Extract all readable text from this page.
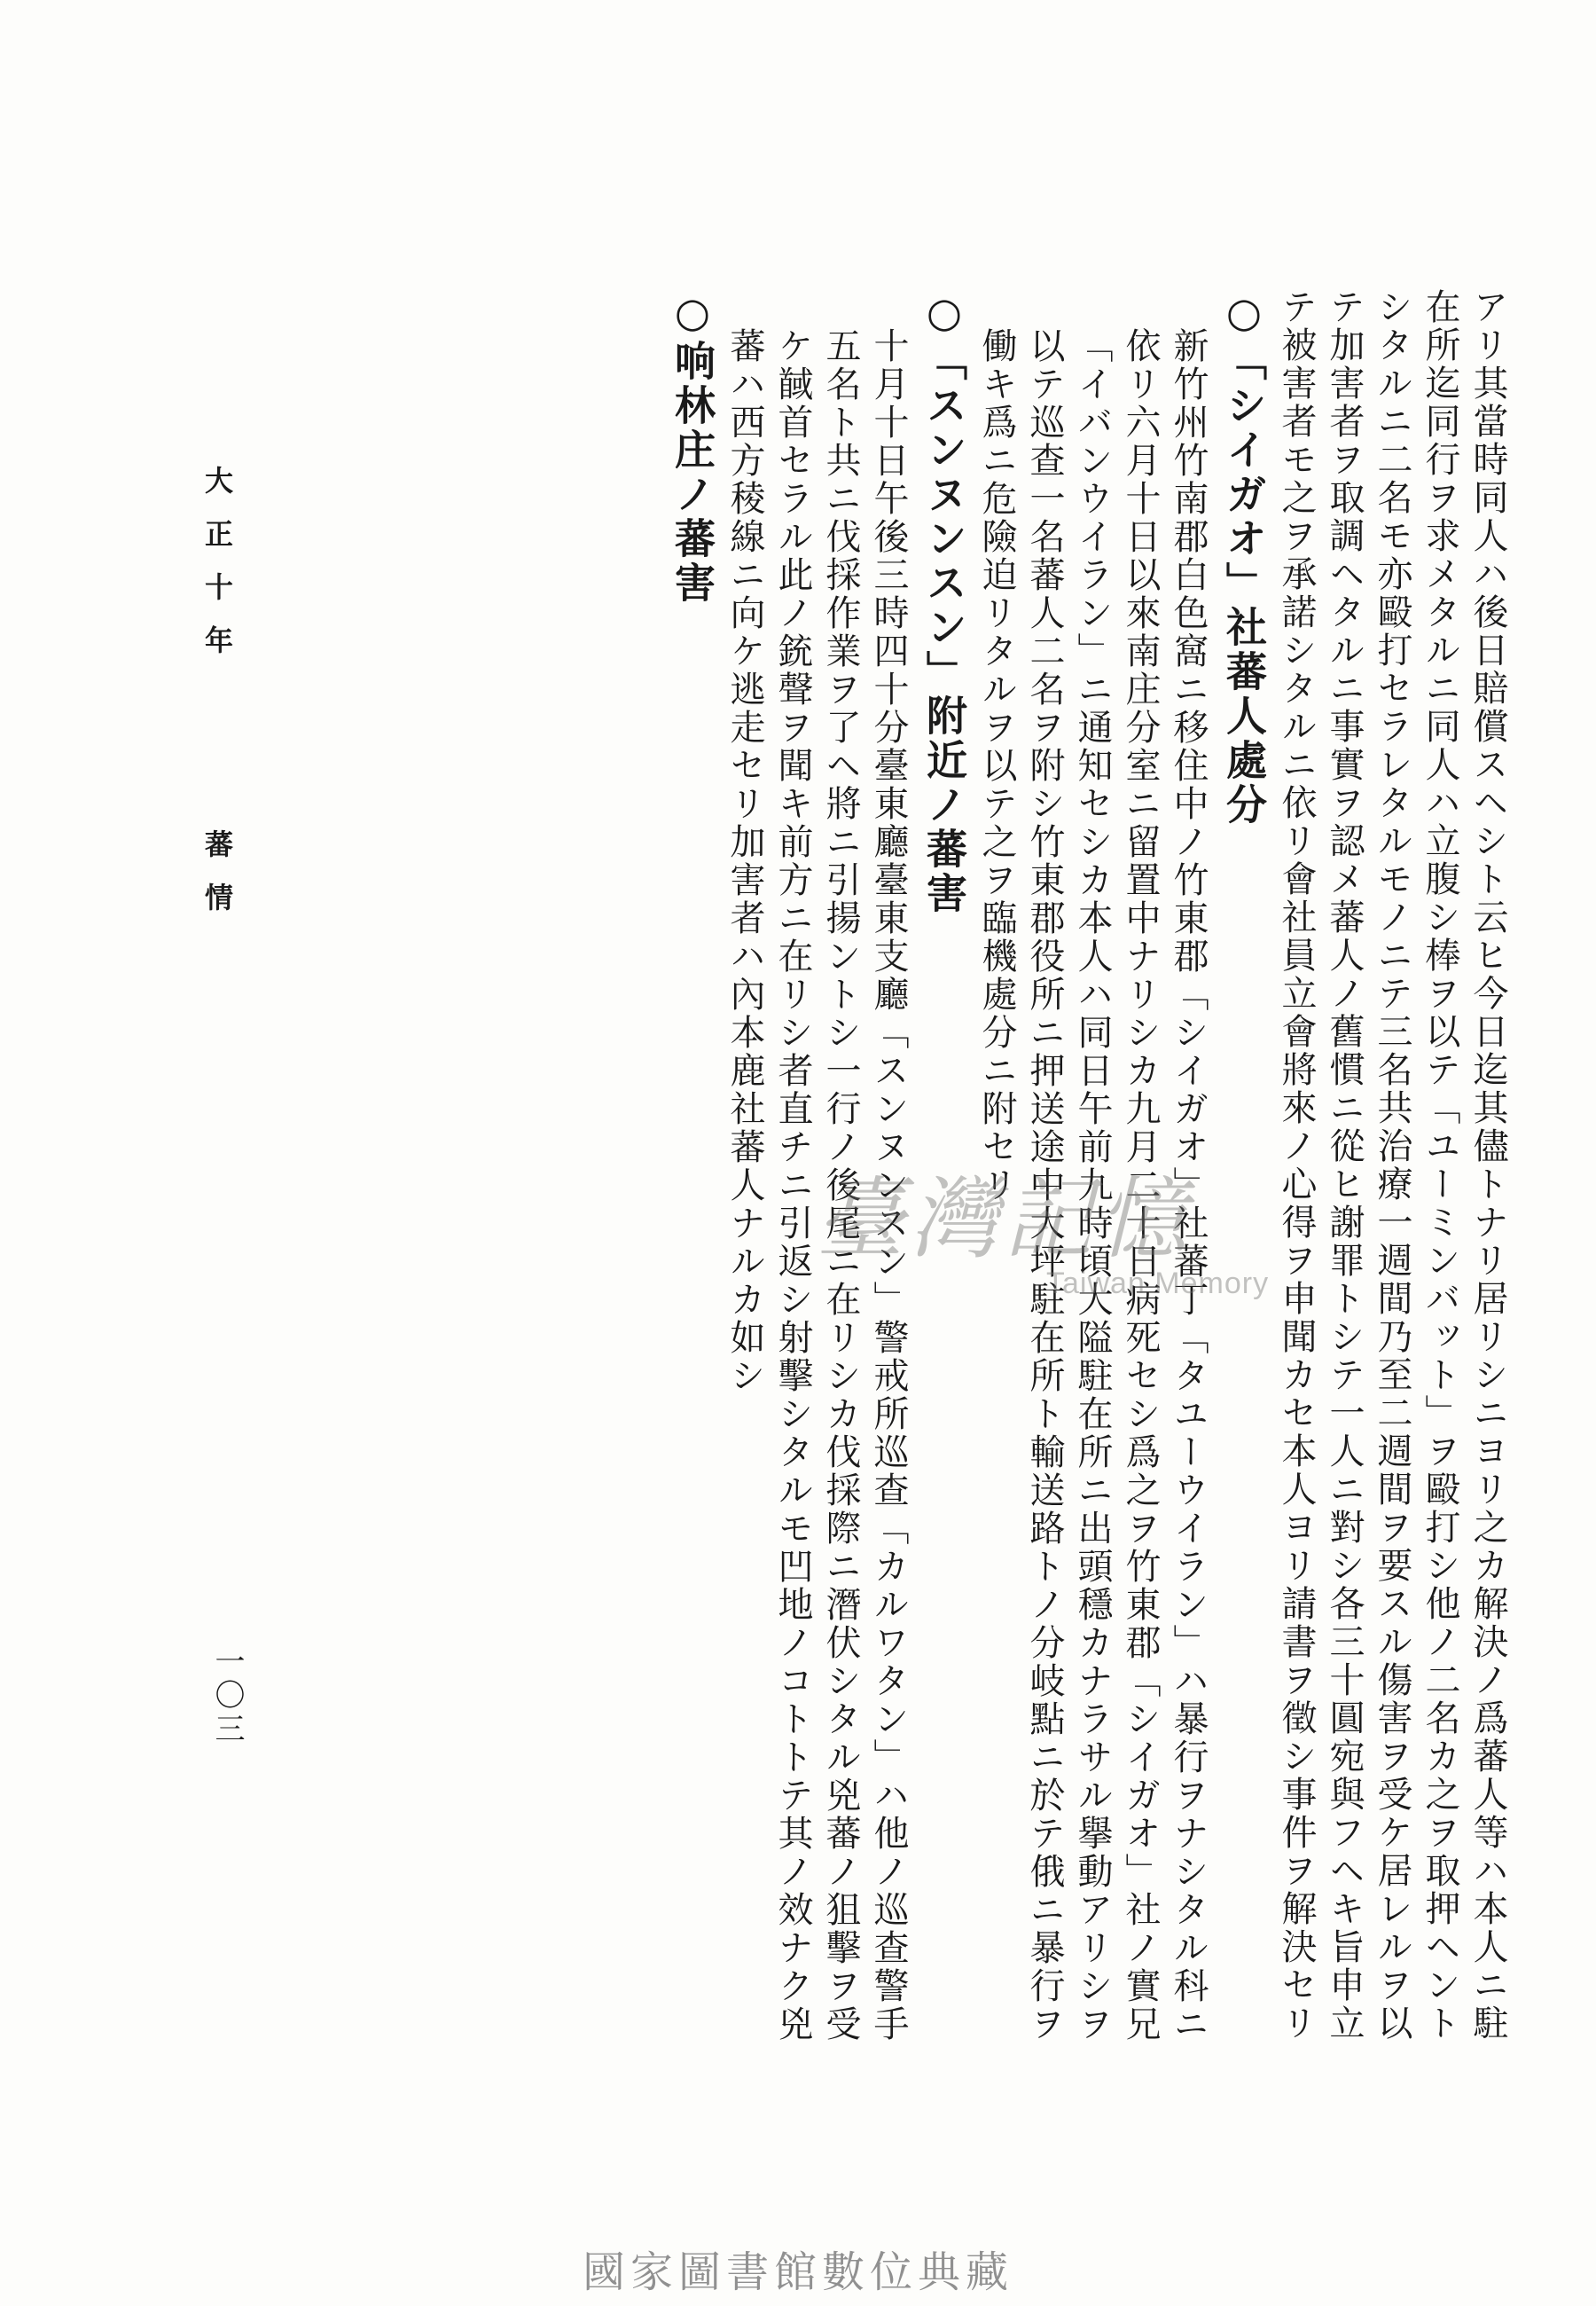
アリ其當時同人ハ後日賠償スヘシト云ヒ今日迄其儘トナリ居リシニヨリ之カ解決ノ爲蕃人等ハ本人ニ駐在所迄同行ヲ求メタルニ同人ハ立腹シ棒ヲ以テ「ユーミンバット」ヲ毆打シ他ノ二名カ之ヲ取押ヘントシタルニ二名モ亦毆打セラレタルモノニテ三名共治療一週間乃至二週間ヲ要スル傷害ヲ受ケ居レルヲ以テ加害者ヲ取調ヘタルニ事實ヲ認メ蕃人ノ舊慣ニ從ヒ謝罪トシテ一人ニ對シ各三十圓宛與フヘキ旨申立テ被害者モ之ヲ承諾シタルニ依リ會社員立會將來ノ心得ヲ申聞カセ本人ヨリ請書ヲ徵シ事件ヲ解決セリ

○「シイガオ」社蕃人處分

新竹州竹南郡白色窩ニ移住中ノ竹東郡「シイガオ」社蕃丁「タユーウイラン」ハ暴行ヲナシタル科ニ依リ六月十日以來南庄分室ニ留置中ナリシカ九月二十日病死セシ爲之ヲ竹東郡「シイガオ」社ノ實兄「イバンウイラン」ニ通知セシカ本人ハ同日午前九時頃大隘駐在所ニ出頭穩カナラサル擧動アリシヲ以テ巡查一名蕃人二名ヲ附シ竹東郡役所ニ押送途中大坪駐在所ト輸送路トノ分岐點ニ於テ俄ニ暴行ヲ働キ爲ニ危險迫リタルヲ以テ之ヲ臨機處分ニ附セリ

○「スンヌンスン」附近ノ蕃害

十月十日午後三時四十分臺東廳臺東支廳「スンヌンスン」警戒所巡查「カルワタン」ハ他ノ巡查警手五名ト共ニ伐採作業ヲ了ヘ將ニ引揚ントシ一行ノ後尾ニ在リシカ伐採際ニ潛伏シタル兇蕃ノ狙擊ヲ受ケ馘首セラル此ノ銃聲ヲ聞キ前方ニ在リシ者直チニ引返シ射擊シタルモ凹地ノコトトテ其ノ效ナク兇蕃ハ西方稜線ニ向ケ逃走セリ加害者ハ內本鹿社蕃人ナルカ如シ

○响林庄ノ蕃害

大正十年蕃情

一〇三

臺灣記憶
Taiwan Memory

國家圖書館數位典藏
